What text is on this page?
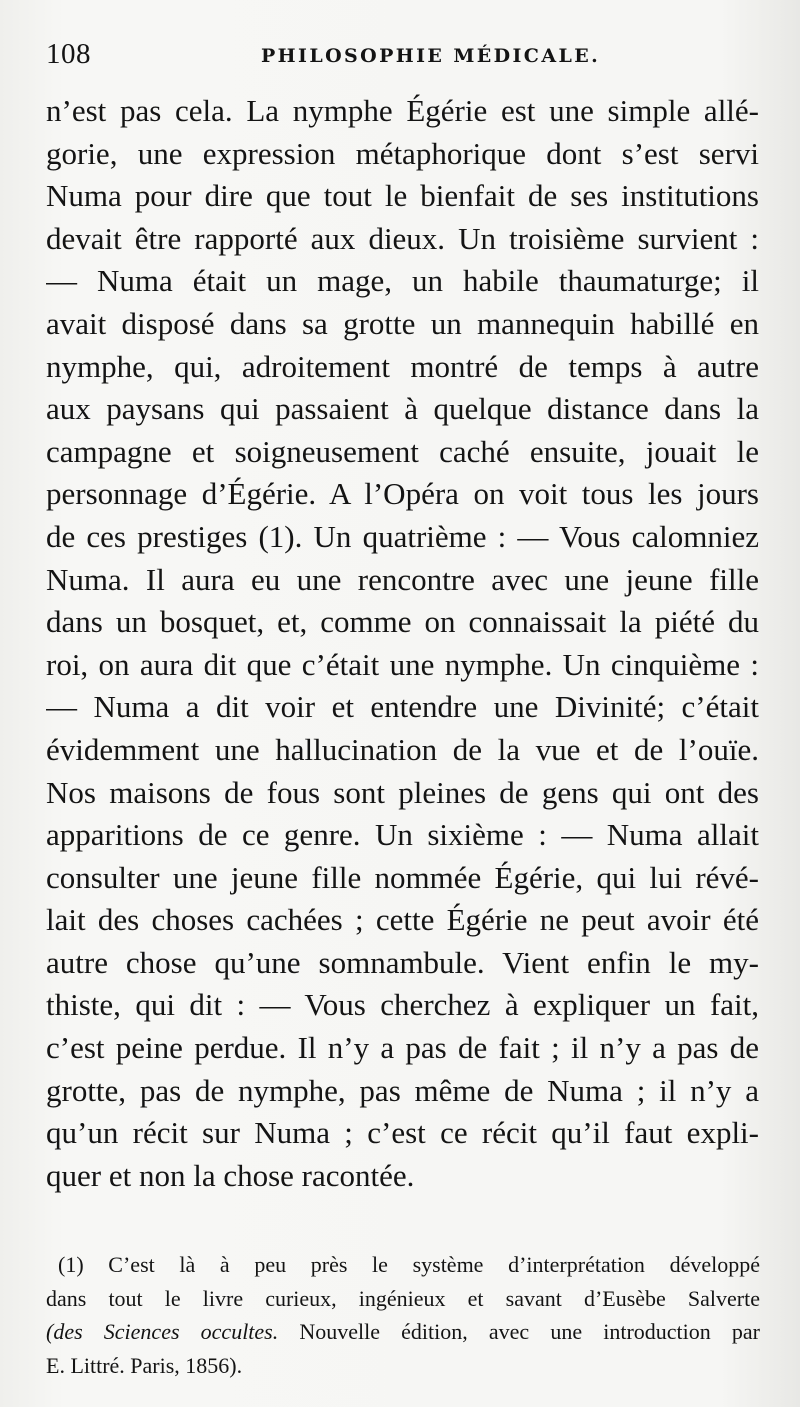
108	PHILOSOPHIE MÉDICALE.
n’est pas cela. La nymphe Égérie est une simple allé-
gorie, une expression métaphorique dont s’est servi
Numa pour dire que tout le bienfait de ses institutions
devait être rapporté aux dieux. Un troisième survient :
— Numa était un mage, un habile thaumaturge; il
avait disposé dans sa grotte un mannequin habillé en
nymphe, qui, adroitement montré de temps à autre
aux paysans qui passaient à quelque distance dans la
campagne et soigneusement caché ensuite, jouait le
personnage d’Égérie. A l’Opéra on voit tous les jours
de ces prestiges (1). Un quatrième : — Vous calomniez
Numa. Il aura eu une rencontre avec une jeune fille
dans un bosquet, et, comme on connaissait la piété du
roi, on aura dit que c’était une nymphe. Un cinquième :
— Numa a dit voir et entendre une Divinité; c’était
évidemment une hallucination de la vue et de l’ouïe.
Nos maisons de fous sont pleines de gens qui ont des
apparitions de ce genre. Un sixième : — Numa allait
consulter une jeune fille nommée Égérie, qui lui révé-
lait des choses cachées ; cette Égérie ne peut avoir été
autre chose qu’une somnambule. Vient enfin le my-
thiste, qui dit : — Vous cherchez à expliquer un fait,
c’est peine perdue. Il n’y a pas de fait ; il n’y a pas de
grotte, pas de nymphe, pas même de Numa ; il n’y a
qu’un récit sur Numa ; c’est ce récit qu’il faut expli-
quer et non la chose racontée.
(1) C’est là à peu près le système d’interprétation développé
dans tout le livre curieux, ingénieux et savant d’Eusèbe Salverte
(des Sciences occultes. Nouvelle édition, avec une introduction par
E. Littré. Paris, 1856).
